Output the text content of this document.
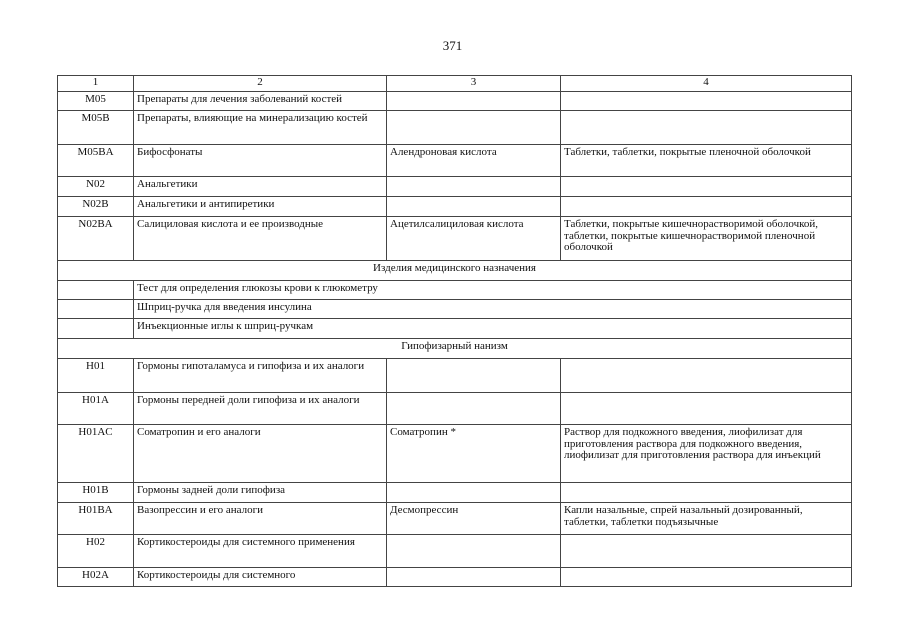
371
1	2	3	4
M05	Препараты для лечения заболеваний костей		
M05B	Препараты, влияющие на минерализацию костей		
M05BA	Бифосфонаты	Алендроновая кислота	Таблетки, таблетки, покрытые пленочной оболочкой
N02	Анальгетики		
N02B	Анальгетики и антипиретики		
N02BA	Салициловая кислота и ее производные	Ацетилсалициловая кислота	Таблетки, покрытые кишечнорастворимой оболочкой, таблетки, покрытые кишечнорастворимой пленочной оболочкой
Изделия медицинского назначения			
	Тест для определения глюкозы крови к глюкометру		
	Шприц-ручка для введения инсулина		
	Инъекционные иглы к шприц-ручкам		
Гипофизарный нанизм			
H01	Гормоны гипоталамуса и гипофиза и их аналоги		
H01A	Гормоны передней доли гипофиза и их аналоги		
H01AC	Соматропин и его аналоги	Соматропин *	Раствор для подкожного введения, лиофилизат для приготовления раствора для подкожного введения, лиофилизат для приготовления раствора для инъекций
H01B	Гормоны задней доли гипофиза		
H01BA	Вазопрессин и его аналоги	Десмопрессин	Капли назальные, спрей назальный дозированный, таблетки, таблетки подъязычные
H02	Кортикостероиды для системного применения		
H02A	Кортикостероиды для системного		
